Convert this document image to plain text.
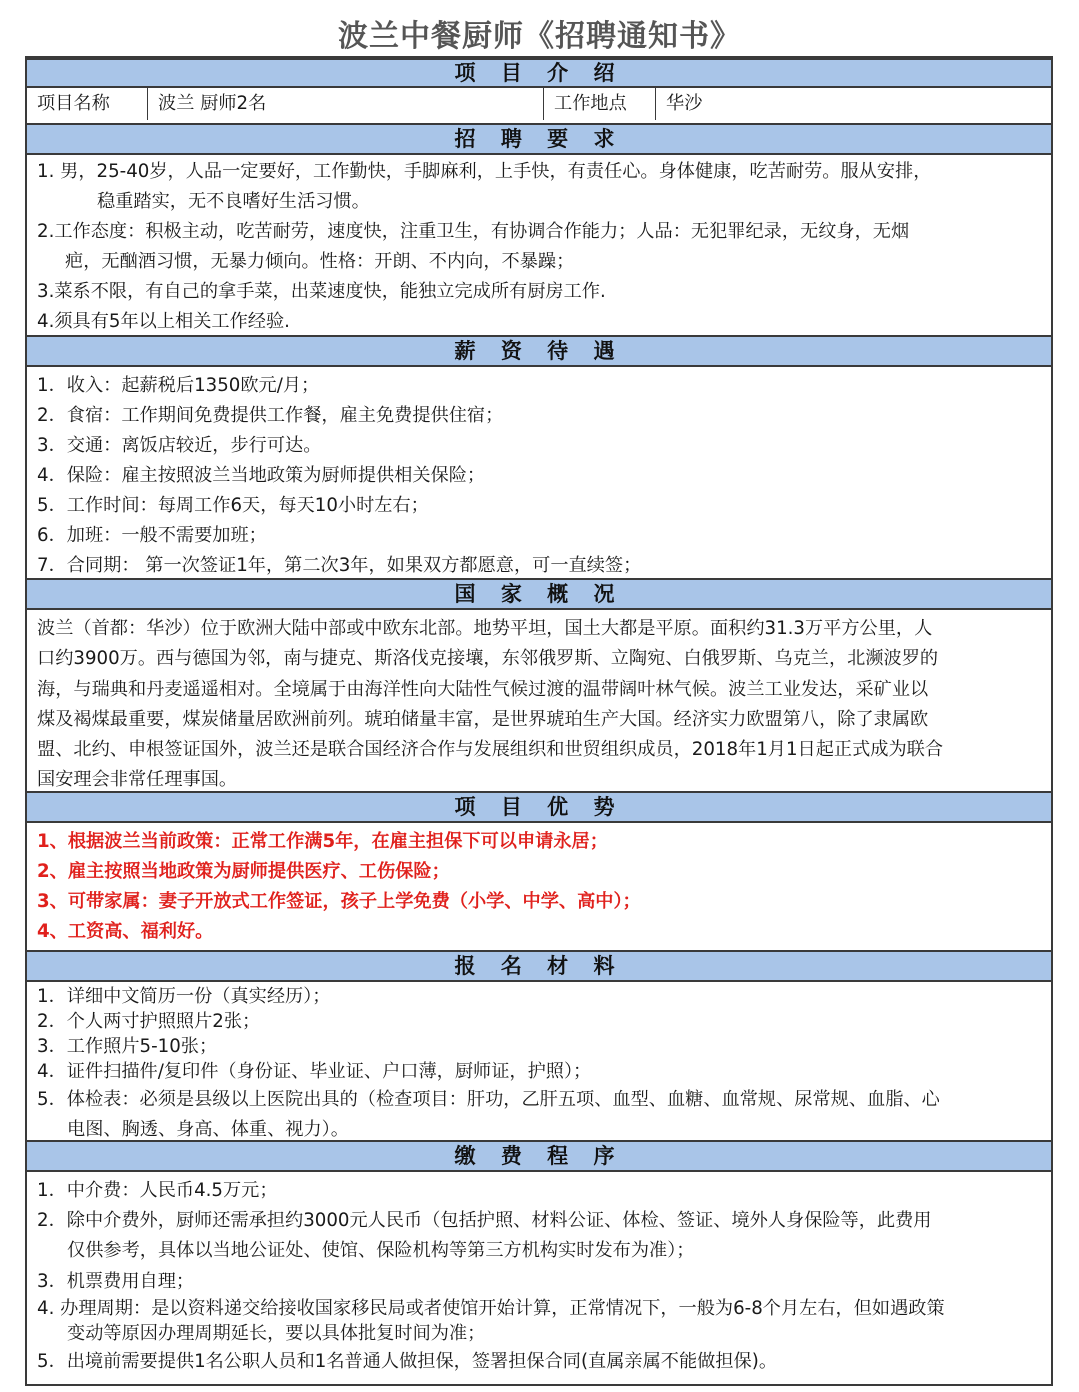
波兰中餐厨师《招聘通知书》
项 目 介 绍
项目名称	波兰 厨师2名	工作地点	华沙
招 聘 要 求
1. 男，25-40岁，人品一定要好，工作勤快，手脚麻利，上手快，有责任心。身体健康，吃苦耐劳。服从安排，
稳重踏实，无不良嗜好生活习惯。
2.工作态度：积极主动，吃苦耐劳，速度快，注重卫生，有协调合作能力；人品：无犯罪纪录，无纹身，无烟
疤，无酗酒习惯，无暴力倾向。性格：开朗、不内向，不暴躁；
3.菜系不限，有自己的拿手菜，出菜速度快，能独立完成所有厨房工作.
4.须具有5年以上相关工作经验.
薪 资 待 遇
1．收入：起薪税后1350欧元/月；
2．食宿：工作期间免费提供工作餐，雇主免费提供住宿；
3．交通：离饭店较近，步行可达。
4．保险：雇主按照波兰当地政策为厨师提供相关保险；
5．工作时间：每周工作6天，每天10小时左右；
6．加班：一般不需要加班；
7．合同期： 第一次签证1年，第二次3年，如果双方都愿意，可一直续签；
国 家 概 况
波兰（首都：华沙）位于欧洲大陆中部或中欧东北部。地势平坦，国土大都是平原。面积约31.3万平方公里，人
口约3900万。西与德国为邻，南与捷克、斯洛伐克接壤，东邻俄罗斯、立陶宛、白俄罗斯、乌克兰，北濒波罗的
海，与瑞典和丹麦遥遥相对。全境属于由海洋性向大陆性气候过渡的温带阔叶林气候。波兰工业发达，采矿业以
煤及褐煤最重要，煤炭储量居欧洲前列。琥珀储量丰富，是世界琥珀生产大国。经济实力欧盟第八，除了隶属欧
盟、北约、申根签证国外，波兰还是联合国经济合作与发展组织和世贸组织成员，2018年1月1日起正式成为联合
国安理会非常任理事国。
项 目 优 势
1、根据波兰当前政策：正常工作满5年，在雇主担保下可以申请永居；
2、雇主按照当地政策为厨师提供医疗、工伤保险；
3、可带家属：妻子开放式工作签证，孩子上学免费（小学、中学、高中）；
4、工资高、福利好。
报 名 材 料
1．详细中文简历一份（真实经历）；
2．个人两寸护照照片2张；
3．工作照片5-10张；
4．证件扫描件/复印件（身份证、毕业证、户口薄，厨师证，护照）；
5．体检表：必须是县级以上医院出具的（检查项目：肝功，乙肝五项、血型、血糖、血常规、尿常规、血脂、心
电图、胸透、身高、体重、视力）。
缴 费 程 序
1．中介费：人民币4.5万元；
2．除中介费外，厨师还需承担约3000元人民币（包括护照、材料公证、体检、签证、境外人身保险等，此费用
仅供参考，具体以当地公证处、使馆、保险机构等第三方机构实时发布为准）；
3．机票费用自理；
4. 办理周期：是以资料递交给接收国家移民局或者使馆开始计算，正常情况下，一般为6-8个月左右，但如遇政策
变动等原因办理周期延长，要以具体批复时间为准；
5．出境前需要提供1名公职人员和1名普通人做担保，签署担保合同(直属亲属不能做担保)。
